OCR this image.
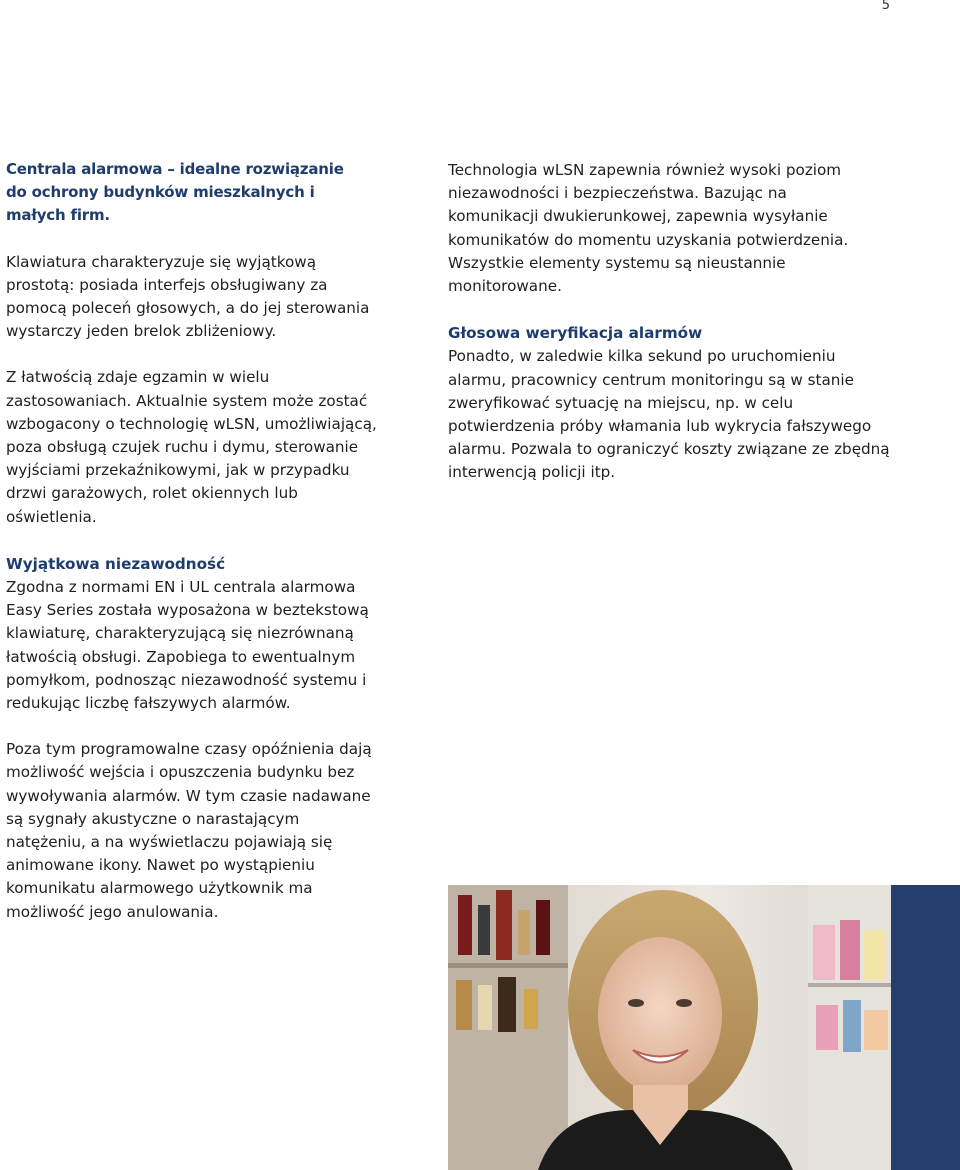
5

Centrala alarmowa – idealne rozwiązanie do ochrony budynków mieszkalnych i małych firm.

Klawiatura charakteryzuje się wyjątkową prostotą: posiada interfejs obsługiwany za pomocą poleceń głosowych, a do jej sterowania wystarczy jeden brelok zbliżeniowy.

Z łatwością zdaje egzamin w wielu zastosowaniach. Aktualnie system może zostać wzbogacony o technologię wLSN, umożliwiającą, poza obsługą czujek ruchu i dymu, sterowanie wyjściami przekaźnikowymi, jak w przypadku drzwi garażowych, rolet okiennych lub oświetlenia.

Wyjątkowa niezawodność

Zgodna z normami EN i UL centrala alarmowa Easy Series została wyposażona w beztekstową klawiaturę, charakteryzującą się niezrównaną łatwością obsługi. Zapobiega to ewentualnym pomyłkom, podnosząc niezawodność systemu i redukując liczbę fałszywych alarmów.

Poza tym programowalne czasy opóźnienia dają możliwość wejścia i opuszczenia budynku bez wywoływania alarmów. W tym czasie nadawane są sygnały akustyczne o narastającym natężeniu, a na wyświetlaczu pojawiają się animowane ikony. Nawet po wystąpieniu komunikatu alarmowego użytkownik ma możliwość jego anulowania.

Technologia wLSN zapewnia również wysoki poziom niezawodności i bezpieczeństwa. Bazując na komunikacji dwukierunkowej, zapewnia wysyłanie komunikatów do momentu uzyskania potwierdzenia. Wszystkie elementy systemu są nieustannie monitorowane.

Głosowa weryfikacja alarmów

Ponadto, w zaledwie kilka sekund po uruchomieniu alarmu, pracownicy centrum monitoringu są w stanie zweryfikować sytuację na miejscu, np. w celu potwierdzenia próby włamania lub wykrycia fałszywego alarmu. Pozwala to ograniczyć koszty związane ze zbędną interwencją policji itp.
